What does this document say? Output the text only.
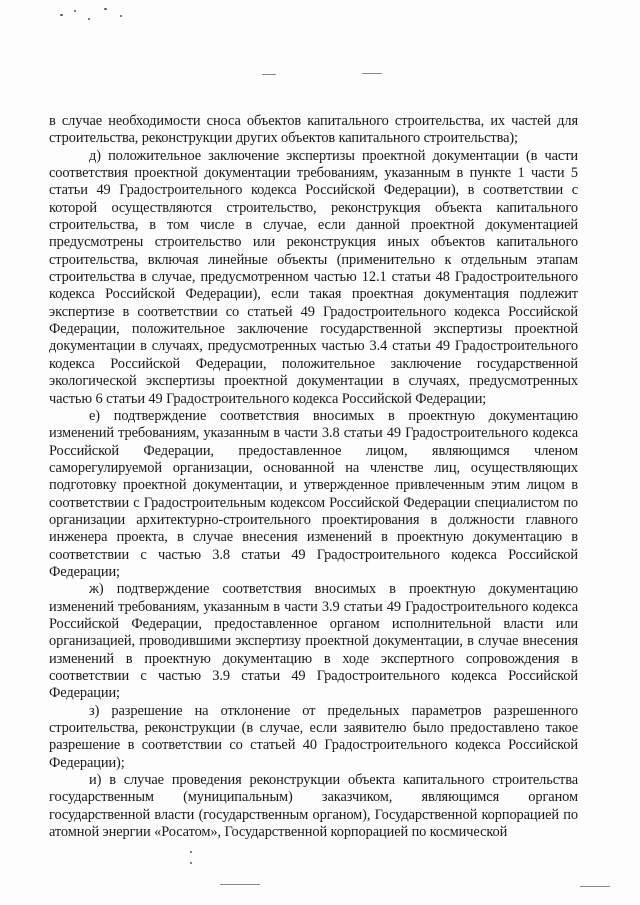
в случае необходимости сноса объектов капитального строительства, их частей для строительства, реконструкции других объектов капитального строительства);

д) положительное заключение экспертизы проектной документации (в части соответствия проектной документации требованиям, указанным в пункте 1 части 5 статьи 49 Градостроительного кодекса Российской Федерации), в соответствии с которой осуществляются строительство, реконструкция объекта капитального строительства, в том числе в случае, если данной проектной документацией предусмотрены строительство или реконструкция иных объектов капитального строительства, включая линейные объекты (применительно к отдельным этапам строительства в случае, предусмотренном частью 12.1 статьи 48 Градостроительного кодекса Российской Федерации), если такая проектная документация подлежит экспертизе в соответствии со статьей 49 Градостроительного кодекса Российской Федерации, положительное заключение государственной экспертизы проектной документации в случаях, предусмотренных частью 3.4 статьи 49 Градостроительного кодекса Российской Федерации, положительное заключение государственной экологической экспертизы проектной документации в случаях, предусмотренных частью 6 статьи 49 Градостроительного кодекса Российской Федерации;

е) подтверждение соответствия вносимых в проектную документацию изменений требованиям, указанным в части 3.8 статьи 49 Градостроительного кодекса Российской Федерации, предоставленное лицом, являющимся членом саморегулируемой организации, основанной на членстве лиц, осуществляющих подготовку проектной документации, и утвержденное привлеченным этим лицом в соответствии с Градостроительным кодексом Российской Федерации специалистом по организации архитектурно-строительного проектирования в должности главного инженера проекта, в случае внесения изменений в проектную документацию в соответствии с частью 3.8 статьи 49 Градостроительного кодекса Российской Федерации;

ж) подтверждение соответствия вносимых в проектную документацию изменений требованиям, указанным в части 3.9 статьи 49 Градостроительного кодекса Российской Федерации, предоставленное органом исполнительной власти или организацией, проводившими экспертизу проектной документации, в случае внесения изменений в проектную документацию в ходе экспертного сопровождения в соответствии с частью 3.9 статьи 49 Градостроительного кодекса Российской Федерации;

з) разрешение на отклонение от предельных параметров разрешенного строительства, реконструкции (в случае, если заявителю было предоставлено такое разрешение в соответствии со статьей 40 Градостроительного кодекса Российской Федерации);

и) в случае проведения реконструкции объекта капитального строительства государственным (муниципальным) заказчиком, являющимся органом государственной власти (государственным органом), Государственной корпорацией по атомной энергии «Росатом», Государственной корпорацией по космической
